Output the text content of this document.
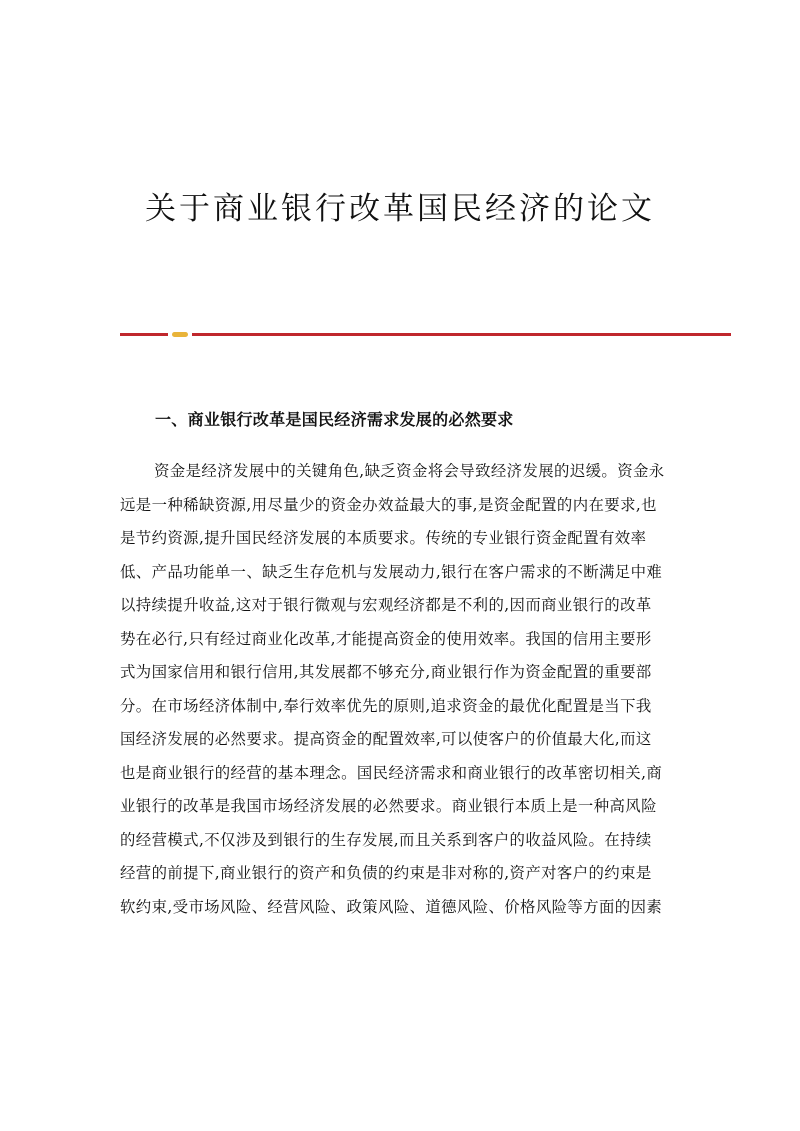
关于商业银行改革国民经济的论文
一、商业银行改革是国民经济需求发展的必然要求
资金是经济发展中的关键角色,缺乏资金将会导致经济发展的迟缓。资金永
远是一种稀缺资源,用尽量少的资金办效益最大的事,是资金配置的内在要求,也
是节约资源,提升国民经济发展的本质要求。传统的专业银行资金配置有效率
低、产品功能单一、缺乏生存危机与发展动力,银行在客户需求的不断满足中难
以持续提升收益,这对于银行微观与宏观经济都是不利的,因而商业银行的改革
势在必行,只有经过商业化改革,才能提高资金的使用效率。我国的信用主要形
式为国家信用和银行信用,其发展都不够充分,商业银行作为资金配置的重要部
分。在市场经济体制中,奉行效率优先的原则,追求资金的最优化配置是当下我
国经济发展的必然要求。提高资金的配置效率,可以使客户的价值最大化,而这
也是商业银行的经营的基本理念。国民经济需求和商业银行的改革密切相关,商
业银行的改革是我国市场经济发展的必然要求。商业银行本质上是一种高风险
的经营模式,不仅涉及到银行的生存发展,而且关系到客户的收益风险。在持续
经营的前提下,商业银行的资产和负债的约束是非对称的,资产对客户的约束是
软约束,受市场风险、经营风险、政策风险、道德风险、价格风险等方面的因素
